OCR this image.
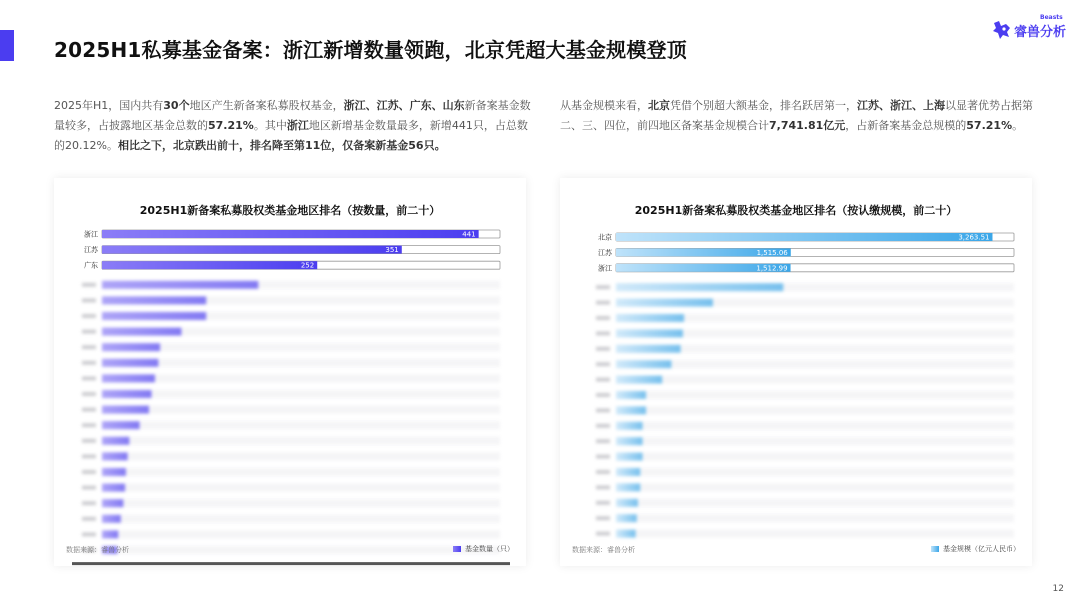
2025H1私募基金备案：浙江新增数量领跑，北京凭超大基金规模登顶
睿兽分析
Beasts
2025年H1，国内共有30个地区产生新备案私募股权基金，浙江、江苏、广东、山东新备案基金数量较多，占披露地区基金总数的57.21%。其中浙江地区新增基金数量最多，新增441只，占总数的20.12%。相比之下，北京跌出前十，排名降至第11位，仅备案新基金56只。
从基金规模来看，北京凭借个别超大额基金，排名跃居第一，江苏、浙江、上海以显著优势占据第二、三、四位，前四地区备案基金规模合计7,741.81亿元，占新备案基金总规模的57.21%。
2025H1新备案私募股权类基金地区排名（按数量，前二十）
浙江	441
江苏	351
广东	252
数据来源：睿兽分析	基金数量（只）
2025H1新备案私募股权类基金地区排名（按认缴规模，前二十）
北京	3,263.51
江苏	1,515.06
浙江	1,512.99
数据来源：睿兽分析	基金规模（亿元人民币）
12
